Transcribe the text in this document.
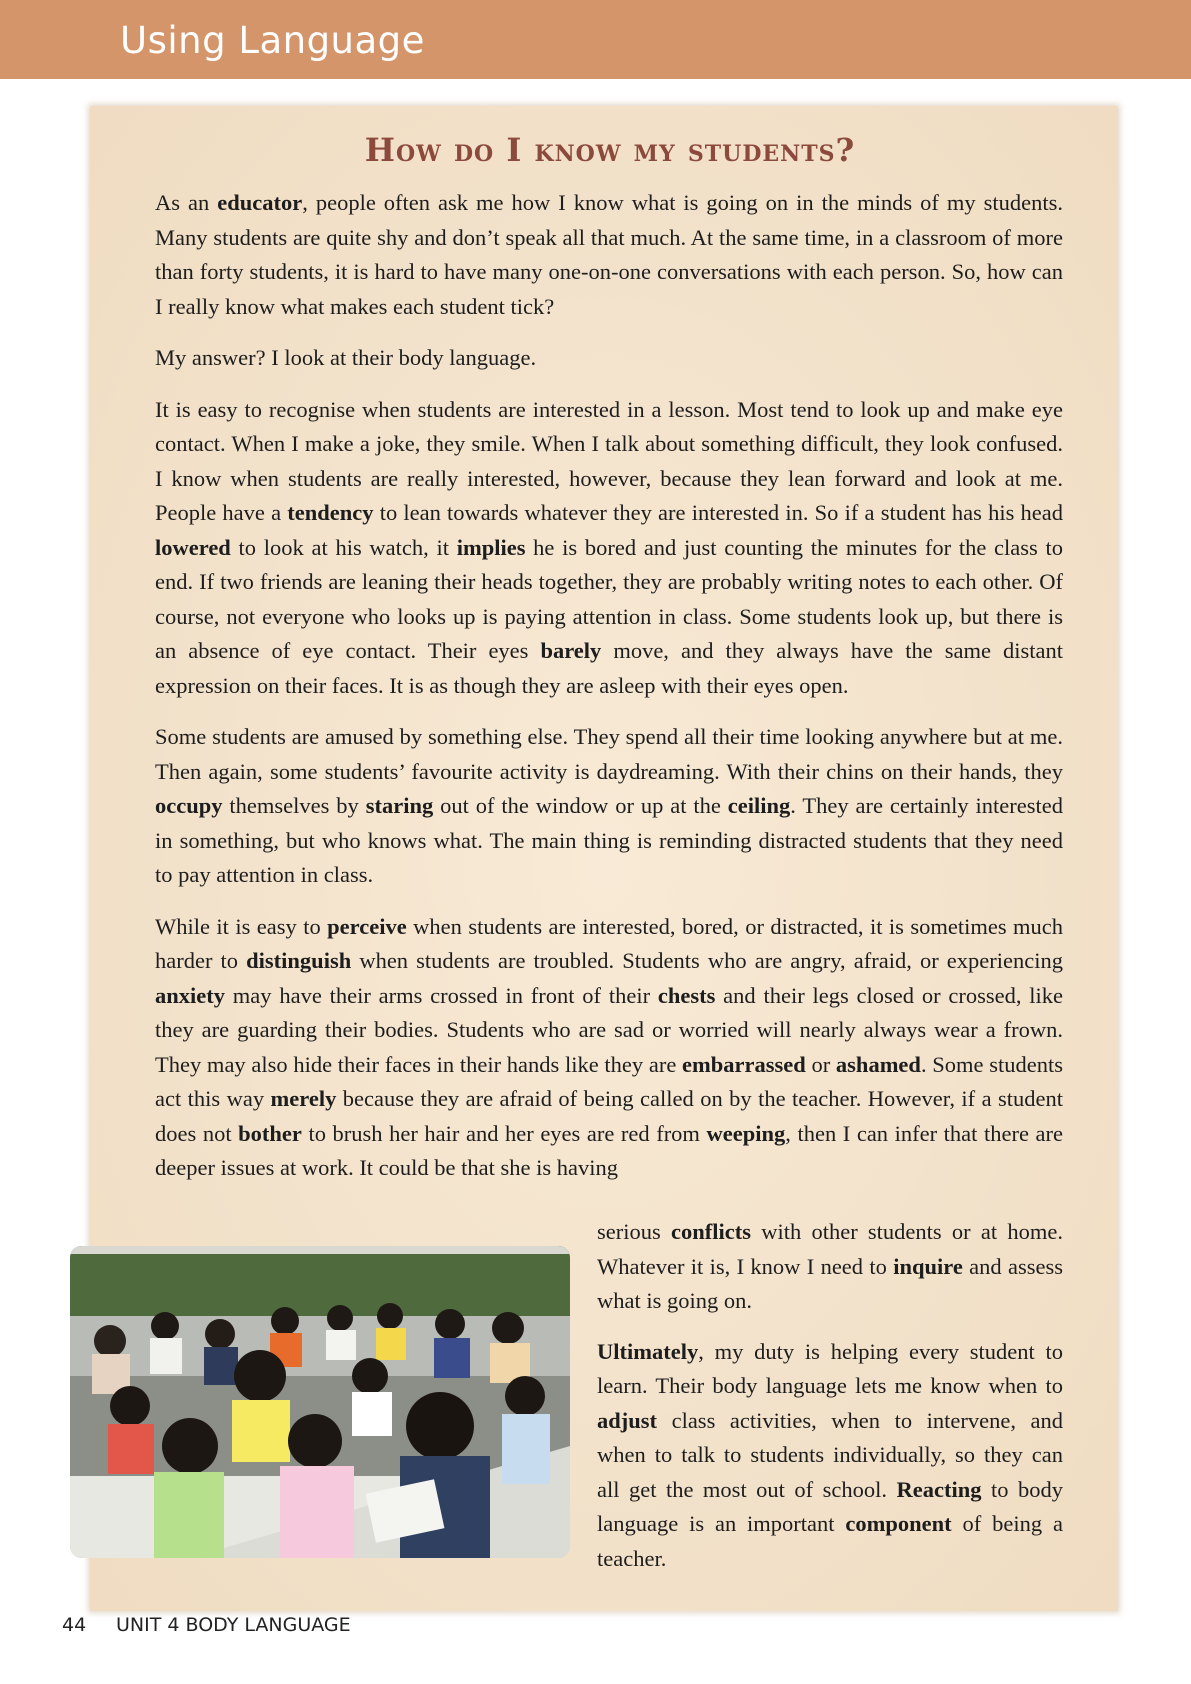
Using Language
How do I know my students?

As an educator, people often ask me how I know what is going on in the minds of my students. Many students are quite shy and don’t speak all that much. At the same time, in a classroom of more than forty students, it is hard to have many one-on-one conversations with each person. So, how can I really know what makes each student tick?

My answer? I look at their body language.

It is easy to recognise when students are interested in a lesson. Most tend to look up and make eye contact. When I make a joke, they smile. When I talk about something difficult, they look confused. I know when students are really interested, however, because they lean forward and look at me. People have a tendency to lean towards whatever they are interested in. So if a student has his head lowered to look at his watch, it implies he is bored and just counting the minutes for the class to end. If two friends are leaning their heads together, they are probably writing notes to each other. Of course, not everyone who looks up is paying attention in class. Some students look up, but there is an absence of eye contact. Their eyes barely move, and they always have the same distant expression on their faces. It is as though they are asleep with their eyes open.

Some students are amused by something else. They spend all their time looking anywhere but at me. Then again, some students’ favourite activity is daydreaming. With their chins on their hands, they occupy themselves by staring out of the window or up at the ceiling. They are certainly interested in something, but who knows what. The main thing is reminding distracted students that they need to pay attention in class.

While it is easy to perceive when students are interested, bored, or distracted, it is sometimes much harder to distinguish when students are troubled. Students who are angry, afraid, or experiencing anxiety may have their arms crossed in front of their chests and their legs closed or crossed, like they are guarding their bodies. Students who are sad or worried will nearly always wear a frown. They may also hide their faces in their hands like they are embarrassed or ashamed. Some students act this way merely because they are afraid of being called on by the teacher. However, if a student does not bother to brush her hair and her eyes are red from weeping, then I can infer that there are deeper issues at work. It could be that she is having

serious conflicts with other students or at home. Whatever it is, I know I need to inquire and assess what is going on.

Ultimately, my duty is helping every student to learn. Their body language lets me know when to adjust class activities, when to intervene, and when to talk to students individually, so they can all get the most out of school. Reacting to body language is an important component of being a teacher.

44 UNIT 4 BODY LANGUAGE
